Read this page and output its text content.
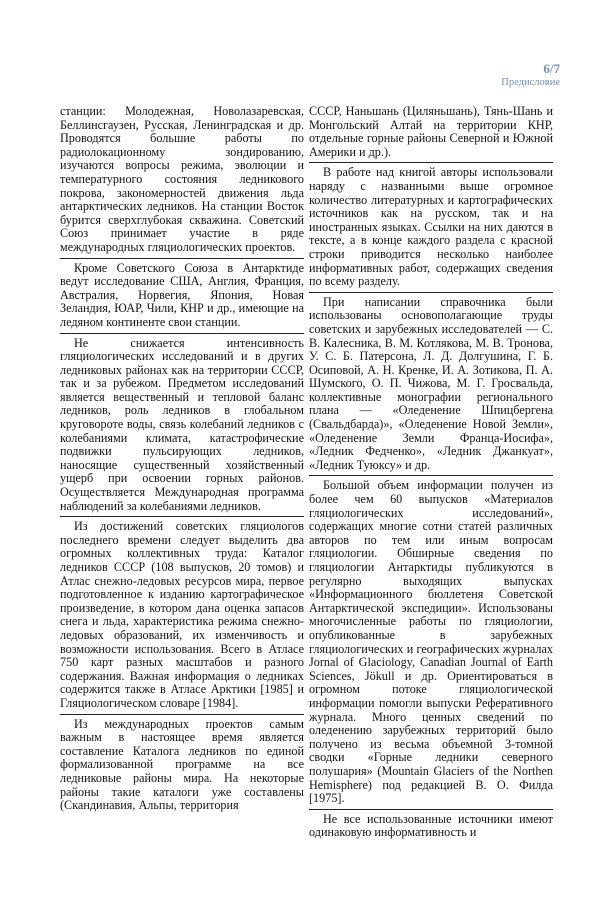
6/7
Предисловие

станции: Молодежная, Новолазаревская, Беллинсгаузен, Русская, Ленинградская и др. Проводятся большие работы по радиолокационному зондированию, изучаются вопросы режима, эволюции и температурного состояния ледникового покрова, закономерностей движения льда антарктических ледников. На станции Восток бурится сверхглубокая скважина. Советский Союз принимает участие в ряде международных гляциологических проектов.

Кроме Советского Союза в Антарктиде ведут исследование США, Англия, Франция, Австралия, Норвегия, Япония, Новая Зеландия, ЮАР, Чили, КНР и др., имеющие на ледяном континенте свои станции.

Не снижается интенсивность гляциологических исследований и в других ледниковых районах как на территории СССР, так и за рубежом. Предметом исследований является вещественный и тепловой баланс ледников, роль ледников в глобальном круговороте воды, связь колебаний ледников с колебаниями климата, катастрофические подвижки пульсирующих ледников, наносящие существенный хозяйственный ущерб при освоении горных районов. Осуществляется Международная программа наблюдений за колебаниями ледников.

Из достижений советских гляциологов последнего времени следует выделить два огромных коллективных труда: Каталог ледников СССР (108 выпусков, 20 томов) и Атлас снежно-ледовых ресурсов мира, первое подготовленное к изданию картографическое произведение, в котором дана оценка запасов снега и льда, характеристика режима снежно-ледовых образований, их изменчивость и возможности использования. Всего в Атласе 750 карт разных масштабов и разного содержания. Важная информация о ледниках содержится также в Атласе Арктики [1985] и Гляциологическом словаре [1984].

Из международных проектов самым важным в настоящее время является составление Каталога ледников по единой формализованной программе на все ледниковые районы мира. На некоторые районы такие каталоги уже составлены (Скандинавия, Альпы, территория

СССР, Наньшань (Циляньшань), Тянь-Шань и Монгольский Алтай на территории КНР, отдельные горные районы Северной и Южной Америки и др.).

В работе над книгой авторы использовали наряду с названными выше огромное количество литературных и картографических источников как на русском, так и на иностранных языках. Ссылки на них даются в тексте, а в конце каждого раздела с красной строки приводится несколько наиболее информативных работ, содержащих сведения по всему разделу.

При написании справочника были использованы основополагающие труды советских и зарубежных исследователей — С. В. Калесника, В. М. Котлякова, М. В. Тронова, У. С. Б. Патерсона, Л. Д. Долгушина, Г. Б. Осиповой, А. Н. Кренке, И. А. Зотикова, П. А. Шумского, О. П. Чижова, М. Г. Гросвальда, коллективные монографии регионального плана — «Оледенение Шпицбергена (Свальдбарда)», «Оледенение Новой Земли», «Оледенение Земли Франца-Иосифа», «Ледник Федченко», «Ледник Джанкуат», «Ледник Туюксу» и др.

Большой объем информации получен из более чем 60 выпусков «Материалов гляциологических исследований», содержащих многие сотни статей различных авторов по тем или иным вопросам гляциологии. Обширные сведения по гляциологии Антарктиды публикуются в регулярно выходящих выпусках «Информационного бюллетеня Советской Антарктической экспедиции». Использованы многочисленные работы по гляциологии, опубликованные в зарубежных гляциологических и географических журналах Jornal of Glaciology, Canadian Journal of Earth Sciences, Jökull и др. Ориентироваться в огромном потоке гляциологической информации помогли выпуски Реферативного журнала. Много ценных сведений по оледенению зарубежных территорий было получено из весьма объемной 3-томной сводки «Горные ледники северного полушария» (Mountain Glaciers of the Northen Hemisphere) под редакцией В. О. Филда [1975].

Не все использованные источники имеют одинаковую информативность и
